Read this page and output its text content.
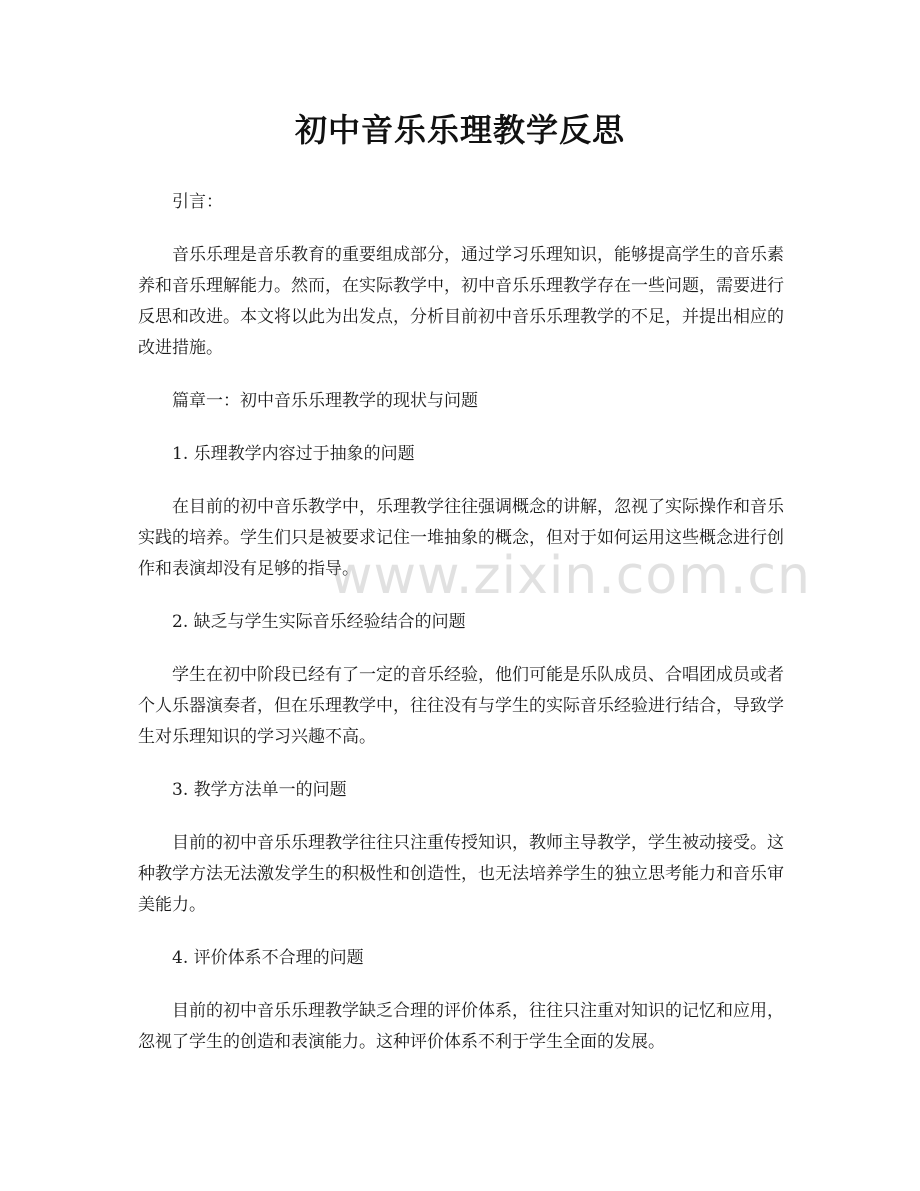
初中音乐乐理教学反思

引言：

音乐乐理是音乐教育的重要组成部分，通过学习乐理知识，能够提高学生的音乐素养和音乐理解能力。然而，在实际教学中，初中音乐乐理教学存在一些问题，需要进行反思和改进。本文将以此为出发点，分析目前初中音乐乐理教学的不足，并提出相应的改进措施。

篇章一：初中音乐乐理教学的现状与问题

1. 乐理教学内容过于抽象的问题

在目前的初中音乐教学中，乐理教学往往强调概念的讲解，忽视了实际操作和音乐实践的培养。学生们只是被要求记住一堆抽象的概念，但对于如何运用这些概念进行创作和表演却没有足够的指导。

2. 缺乏与学生实际音乐经验结合的问题

学生在初中阶段已经有了一定的音乐经验，他们可能是乐队成员、合唱团成员或者个人乐器演奏者，但在乐理教学中，往往没有与学生的实际音乐经验进行结合，导致学生对乐理知识的学习兴趣不高。

3. 教学方法单一的问题

目前的初中音乐乐理教学往往只注重传授知识，教师主导教学，学生被动接受。这种教学方法无法激发学生的积极性和创造性，也无法培养学生的独立思考能力和音乐审美能力。

4. 评价体系不合理的问题

目前的初中音乐乐理教学缺乏合理的评价体系，往往只注重对知识的记忆和应用，忽视了学生的创造和表演能力。这种评价体系不利于学生全面的发展。

www.zixin.com.cn
